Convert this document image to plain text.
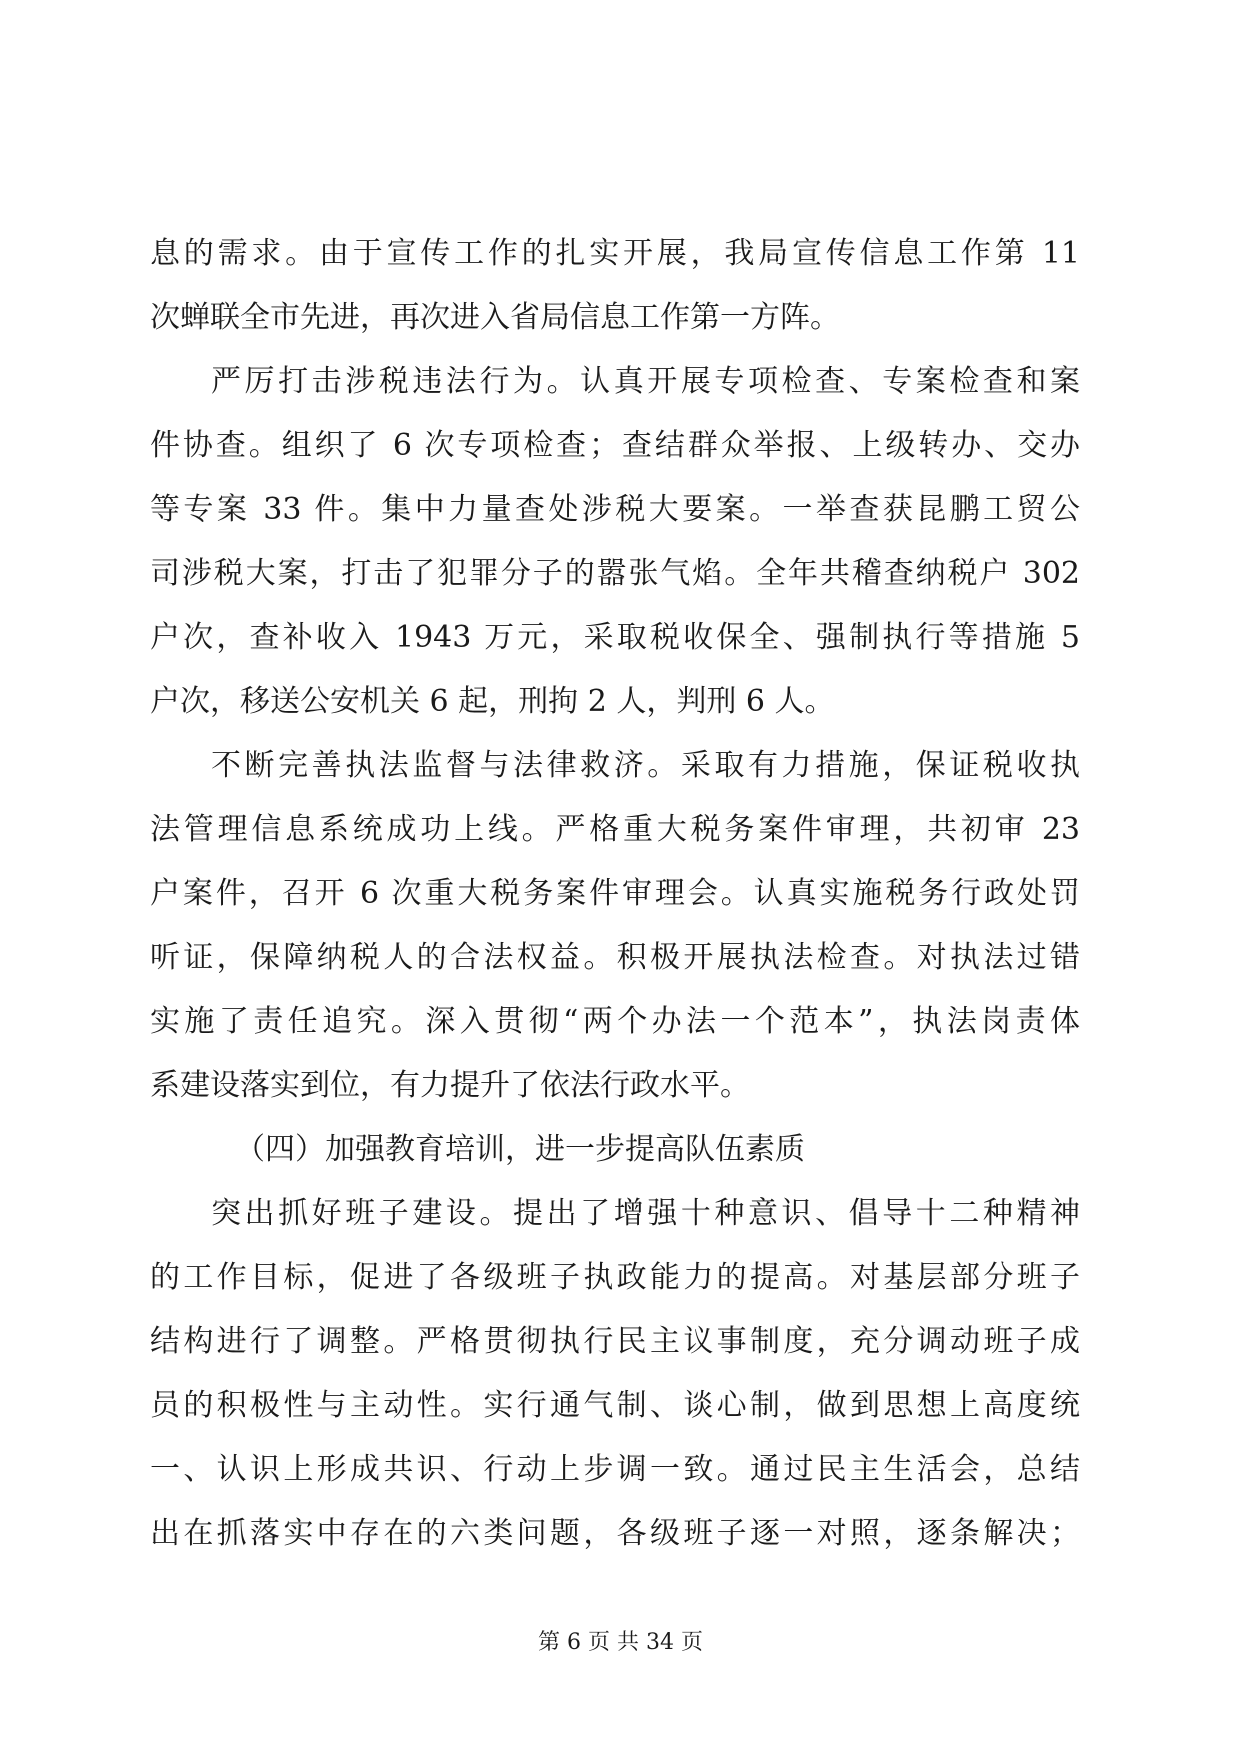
息的需求。由于宣传工作的扎实开展，我局宣传信息工作第 11
次蝉联全市先进，再次进入省局信息工作第一方阵。
严厉打击涉税违法行为。认真开展专项检查、专案检查和案
件协查。组织了 6 次专项检查；查结群众举报、上级转办、交办
等专案 33 件。集中力量查处涉税大要案。一举查获昆鹏工贸公
司涉税大案，打击了犯罪分子的嚣张气焰。全年共稽查纳税户 302
户次，查补收入 1943 万元，采取税收保全、强制执行等措施 5
户次，移送公安机关 6 起，刑拘 2 人，判刑 6 人。
不断完善执法监督与法律救济。采取有力措施，保证税收执
法管理信息系统成功上线。严格重大税务案件审理，共初审 23
户案件，召开 6 次重大税务案件审理会。认真实施税务行政处罚
听证，保障纳税人的合法权益。积极开展执法检查。对执法过错
实施了责任追究。深入贯彻“两个办法一个范本”，执法岗责体
系建设落实到位，有力提升了依法行政水平。
（四）加强教育培训，进一步提高队伍素质
突出抓好班子建设。提出了增强十种意识、倡导十二种精神
的工作目标，促进了各级班子执政能力的提高。对基层部分班子
结构进行了调整。严格贯彻执行民主议事制度，充分调动班子成
员的积极性与主动性。实行通气制、谈心制，做到思想上高度统
一、认识上形成共识、行动上步调一致。通过民主生活会，总结
出在抓落实中存在的六类问题，各级班子逐一对照，逐条解决；
第 6 页 共 34 页
